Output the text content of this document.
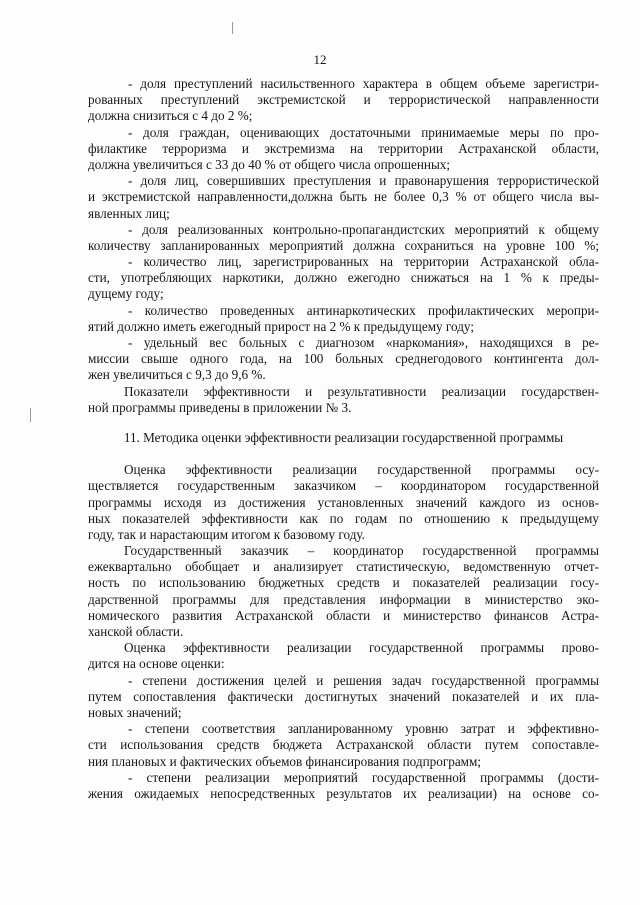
12
- доля преступлений насильственного характера в общем объеме зарегистри-
рованных преступлений экстремистской и террористической направленности
должна снизиться с 4 до 2 %;
- доля граждан, оценивающих достаточными принимаемые меры по про-
филактике терроризма и экстремизма на территории Астраханской области,
должна увеличиться с 33 до 40 % от общего числа опрошенных;
- доля лиц, совершивших преступления и правонарушения террористической
и экстремистской направленности,должна быть не более 0,3 % от общего числа вы-
явленных лиц;
- доля реализованных контрольно-пропагандистских мероприятий к общему
количеству запланированных мероприятий должна сохраниться на уровне 100 %;
- количество лиц, зарегистрированных на территории Астраханской обла-
сти, употребляющих наркотики, должно ежегодно снижаться на 1 % к преды-
дущему году;
- количество проведенных антинаркотических профилактических меропри-
ятий должно иметь ежегодный прирост на 2 % к предыдущему году;
- удельный вес больных с диагнозом «наркомания», находящихся в ре-
миссии свыше одного года, на 100 больных среднегодового контингента дол-
жен увеличиться с 9,3 до 9,6 %.
Показатели эффективности и результативности реализации государствен-
ной программы приведены в приложении № 3.
11. Методика оценки эффективности реализации государственной программы
Оценка эффективности реализации государственной программы осу-
ществляется государственным заказчиком – координатором государственной
программы исходя из достижения установленных значений каждого из основ-
ных показателей эффективности как по годам по отношению к предыдущему
году, так и нарастающим итогом к базовому году.
Государственный заказчик – координатор государственной программы
ежеквартально обобщает и анализирует статистическую, ведомственную отчет-
ность по использованию бюджетных средств и показателей реализации госу-
дарственной программы для представления информации в министерство эко-
номического развития Астраханской области и министерство финансов Астра-
ханской области.
Оценка эффективности реализации государственной программы прово-
дится на основе оценки:
- степени достижения целей и решения задач государственной программы
путем сопоставления фактически достигнутых значений показателей и их пла-
новых значений;
- степени соответствия запланированному уровню затрат и эффективно-
сти использования средств бюджета Астраханской области путем сопоставле-
ния плановых и фактических объемов финансирования подпрограмм;
- степени реализации мероприятий государственной программы (дости-
жения ожидаемых непосредственных результатов их реализации) на основе со-
